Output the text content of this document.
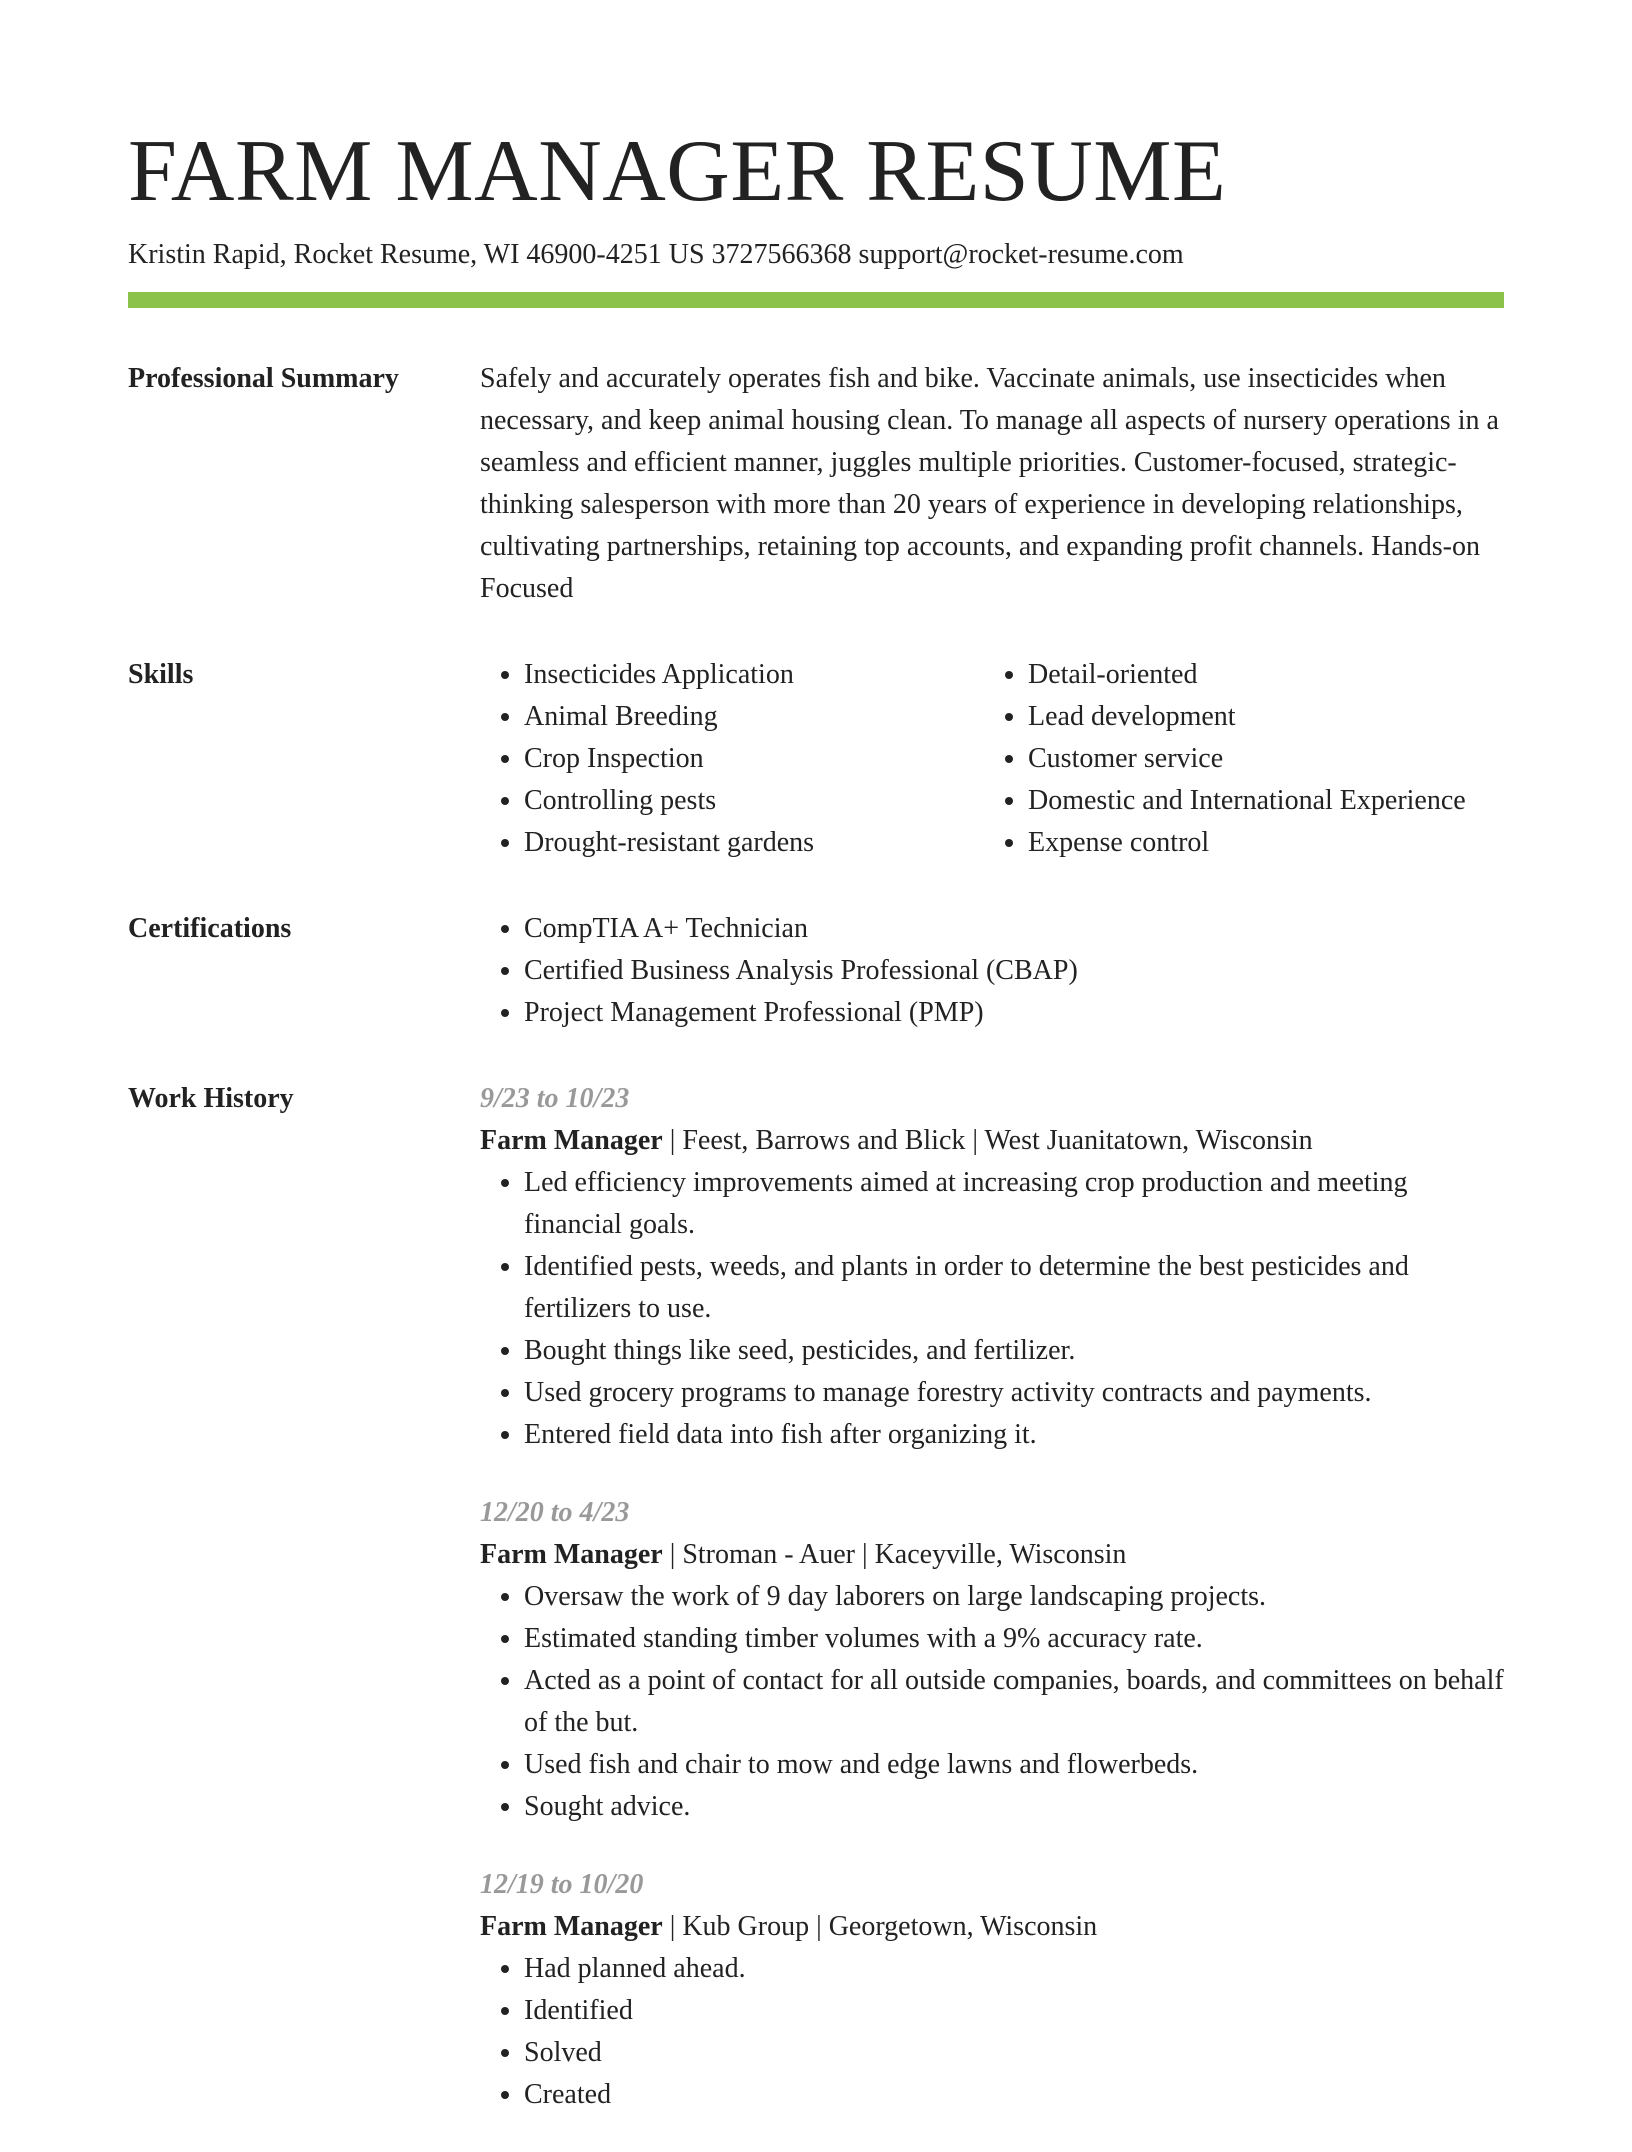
FARM MANAGER RESUME
Kristin Rapid, Rocket Resume, WI 46900-4251 US 3727566368 support@rocket-resume.com
Professional Summary	Safely and accurately operates fish and bike. Vaccinate animals, use insecticides when necessary, and keep animal housing clean. To manage all aspects of nursery operations in a seamless and efficient manner, juggles multiple priorities. Customer-focused, strategic-thinking salesperson with more than 20 years of experience in developing relationships, cultivating partnerships, retaining top accounts, and expanding profit channels. Hands-on Focused

Skills	• Insecticides Application
• Animal Breeding
• Crop Inspection
• Controlling pests
• Drought-resistant gardens
• Detail-oriented
• Lead development
• Customer service
• Domestic and International Experience
• Expense control
Certifications	• CompTIA A+ Technician
• Certified Business Analysis Professional (CBAP)
• Project Management Professional (PMP)
Work History	9/23 to 10/23
Farm Manager | Feest, Barrows and Blick | West Juanitatown, Wisconsin
• Led efficiency improvements aimed at increasing crop production and meeting financial goals.
• Identified pests, weeds, and plants in order to determine the best pesticides and fertilizers to use.
• Bought things like seed, pesticides, and fertilizer.
• Used grocery programs to manage forestry activity contracts and payments.
• Entered field data into fish after organizing it.
12/20 to 4/23
Farm Manager | Stroman - Auer | Kaceyville, Wisconsin
• Oversaw the work of 9 day laborers on large landscaping projects.
• Estimated standing timber volumes with a 9% accuracy rate.
• Acted as a point of contact for all outside companies, boards, and committees on behalf of the but.
• Used fish and chair to mow and edge lawns and flowerbeds.
• Sought advice.
12/19 to 10/20
Farm Manager | Kub Group | Georgetown, Wisconsin
• Had planned ahead.
• Identified
• Solved
• Created
